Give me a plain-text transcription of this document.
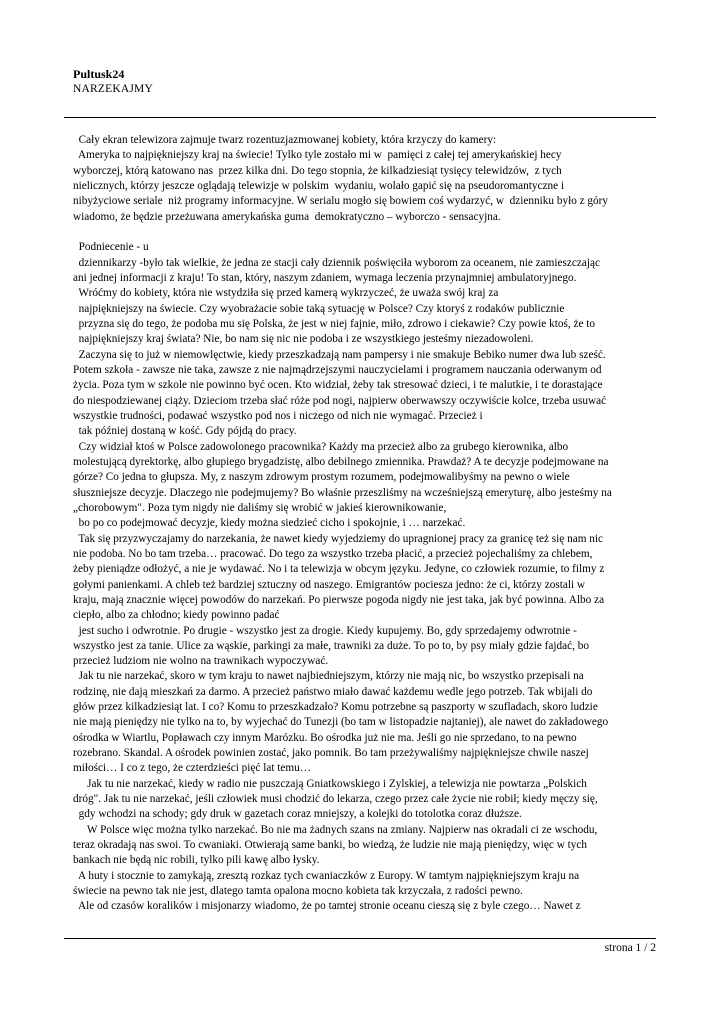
Pultusk24
NARZEKAJMY
Cały ekran telewizora zajmuje twarz rozentuzjazmowanej kobiety, która krzyczy do kamery:
Ameryka to najpiękniejszy kraj na świecie! Tylko tyle zostało mi w  pamięci z całej tej amerykańskiej hecy
wyborczej, którą katowano nas  przez kilka dni. Do tego stopnia, że kilkadziesiąt tysięcy telewidzów,  z tych
nielicznych, którzy jeszcze oglądają telewizje w polskim  wydaniu, wolało gapić się na pseudoromantyczne i
nibyżyciowe seriale  niż programy informacyjne. W serialu mogło się bowiem coś wydarzyć, w  dzienniku było z góry
wiadomo, że będzie przeżuwana amerykańska guma  demokratyczno – wyborczo - sensacyjna.
Podniecenie - u
dziennikarzy -było tak wielkie, że jedna ze stacji cały dziennik poświęciła wyborom za oceanem, nie zamieszczając
ani jednej informacji z kraju! To stan, który, naszym zdaniem, wymaga leczenia przynajmniej ambulatoryjnego.
Wróćmy do kobiety, która nie wstydziła się przed kamerą wykrzyczeć, że uważa swój kraj za
najpiękniejszy na świecie. Czy wyobrażacie sobie taką sytuację w Polsce? Czy ktoryś z rodaków publicznie
przyzna się do tego, że podoba mu się Polska, że jest w niej fajnie, miło, zdrowo i ciekawie? Czy powie ktoś, że to
najpiękniejszy kraj świata? Nie, bo nam się nic nie podoba i ze wszystkiego jesteśmy niezadowoleni.
Zaczyna się to już w niemowlęctwie, kiedy przeszkadzają nam pampersy i nie smakuje Bebiko numer dwa lub sześć.
Potem szkoła - zawsze nie taka, zawsze z nie najmądrzejszymi nauczycielami i programem nauczania oderwanym od
życia. Poza tym w szkole nie powinno być ocen. Kto widział, żeby tak stresować dzieci, i te malutkie, i te dorastające
do niespodziewanej ciąży. Dzieciom trzeba słać róże pod nogi, najpierw oberwawszy oczywiście kolce, trzeba usuwać
wszystkie trudności, podawać wszystko pod nos i niczego od nich nie wymagać. Przecież i
tak później dostaną w kość. Gdy pójdą do pracy.
Czy widział ktoś w Polsce zadowolonego pracownika? Każdy ma przecież albo za grubego kierownika, albo
molestującą dyrektorkę, albo głupiego brygadzistę, albo debilnego zmiennika. Prawdaż? A te decyzje podejmowane na
górze? Co jedna to głupsza. My, z naszym zdrowym prostym rozumem, podejmowalibyśmy na pewno o wiele
słuszniejsze decyzje. Dlaczego nie podejmujemy? Bo właśnie przeszliśmy na wcześniejszą emeryturę, albo jesteśmy na
„chorobowym". Poza tym nigdy nie daliśmy się wrobić w jakieś kierownikowanie,
bo po co podejmować decyzje, kiedy można siedzieć cicho i spokojnie, i … narzekać.
Tak się przyzwyczajamy do narzekania, że nawet kiedy wyjedziemy do upragnionej pracy za granicę też się nam nic
nie podoba. No bo tam trzeba… pracować. Do tego za wszystko trzeba płacić, a przecież pojechaliśmy za chlebem,
żeby pieniądze odłożyć, a nie je wydawać. No i ta telewizja w obcym języku. Jedyne, co człowiek rozumie, to filmy z
gołymi panienkami. A chleb też bardziej sztuczny od naszego. Emigrantów pociesza jedno: że ci, którzy zostali w
kraju, mają znacznie więcej powodów do narzekań. Po pierwsze pogoda nigdy nie jest taka, jak być powinna. Albo za
ciepło, albo za chłodno; kiedy powinno padać
jest sucho i odwrotnie. Po drugie - wszystko jest za drogie. Kiedy kupujemy. Bo, gdy sprzedajemy odwrotnie -
wszystko jest za tanie. Ulice za wąskie, parkingi za małe, trawniki za duże. To po to, by psy miały gdzie fajdać, bo
przecież ludziom nie wolno na trawnikach wypoczywać.
Jak tu nie narzekać, skoro w tym kraju to nawet najbiedniejszym, którzy nie mają nic, bo wszystko przepisali na
rodzinę, nie dają mieszkań za darmo. A przecież państwo miało dawać każdemu wedle jego potrzeb. Tak wbijali do
głów przez kilkadziesiąt lat. I co? Komu to przeszkadzało? Komu potrzebne są paszporty w szufladach, skoro ludzie
nie mają pieniędzy nie tylko na to, by wyjechać do Tunezji (bo tam w listopadzie najtaniej), ale nawet do zakładowego
ośrodka w Wiartlu, Popławach czy innym Marózku. Bo ośrodka już nie ma. Jeśli go nie sprzedano, to na pewno
rozebrano. Skandal. A ośrodek powinien zostać, jako pomnik. Bo tam przeżywaliśmy najpiękniejsze chwile naszej
miłości… I co z tego, że czterdzieści pięć lat temu…
Jak tu nie narzekać, kiedy w radio nie puszczają Gniatkowskiego i Zylskiej, a telewizja nie powtarza „Polskich
dróg". Jak tu nie narzekać, jeśli człowiek musi chodzić do lekarza, czego przez całe życie nie robił; kiedy męczy się,
gdy wchodzi na schody; gdy druk w gazetach coraz mniejszy, a kolejki do totolotka coraz dłuższe.
W Polsce więc można tylko narzekać. Bo nie ma żadnych szans na zmiany. Najpierw nas okradali ci ze wschodu,
teraz okradają nas swoi. To cwaniaki. Otwierają same banki, bo wiedzą, że ludzie nie mają pieniędzy, więc w tych
bankach nie będą nic robili, tylko pili kawę albo łysky.
A huty i stocznie to zamykają, zresztą rozkaz tych cwaniaczków z Europy. W tamtym najpiękniejszym kraju na
świecie na pewno tak nie jest, dlatego tamta opalona mocno kobieta tak krzyczała, z radości pewno.
Ale od czasów koralików i misjonarzy wiadomo, że po tamtej stronie oceanu cieszą się z byle czego… Nawet z
strona 1 / 2
